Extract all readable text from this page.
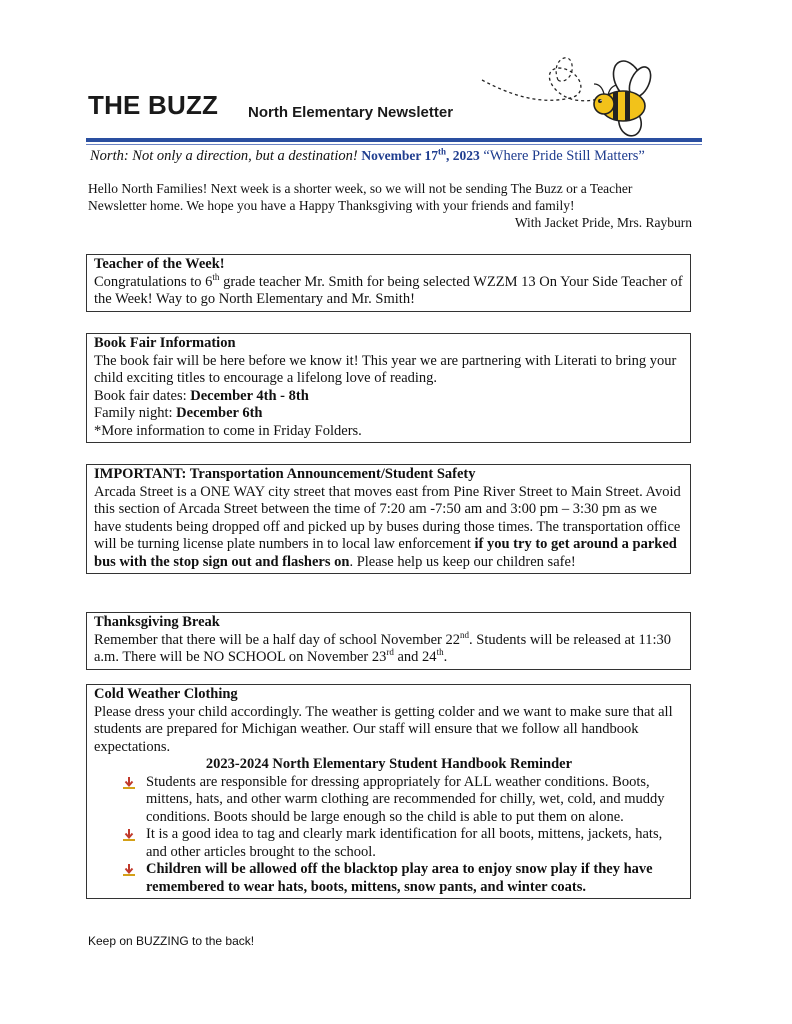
THE BUZZ North Elementary Newsletter
North: Not only a direction, but a destination! November 17th, 2023 “Where Pride Still Matters”
Hello North Families! Next week is a shorter week, so we will not be sending The Buzz or a Teacher Newsletter home. We hope you have a Happy Thanksgiving with your friends and family!
With Jacket Pride, Mrs. Rayburn
Teacher of the Week!

Congratulations to 6th grade teacher Mr. Smith for being selected WZZM 13 On Your Side Teacher of the Week! Way to go North Elementary and Mr. Smith!

Book Fair Information

The book fair will be here before we know it! This year we are partnering with Literati to bring your child exciting titles to encourage a lifelong love of reading.

Book fair dates: December 4th - 8th

Family night: December 6th

*More information to come in Friday Folders.

IMPORTANT: Transportation Announcement/Student Safety

Arcada Street is a ONE WAY city street that moves east from Pine River Street to Main Street. Avoid this section of Arcada Street between the time of 7:20 am -7:50 am and 3:00 pm – 3:30 pm as we have students being dropped off and picked up by buses during those times. The transportation office will be turning license plate numbers in to local law enforcement if you try to get around a parked bus with the stop sign out and flashers on. Please help us keep our children safe!

Thanksgiving Break

Remember that there will be a half day of school November 22nd. Students will be released at 11:30 a.m. There will be NO SCHOOL on November 23rd and 24th.

Cold Weather Clothing

Please dress your child accordingly. The weather is getting colder and we want to make sure that all students are prepared for Michigan weather. Our staff will ensure that we follow all handbook expectations.

2023-2024 North Elementary Student Handbook Reminder
Students are responsible for dressing appropriately for ALL weather conditions. Boots, mittens, hats, and other warm clothing are recommended for chilly, wet, cold, and muddy conditions. Boots should be large enough so the child is able to put them on alone.
It is a good idea to tag and clearly mark identification for all boots, mittens, jackets, hats, and other articles brought to the school.
Children will be allowed off the blacktop play area to enjoy snow play if they have remembered to wear hats, boots, mittens, snow pants, and winter coats.
Keep on BUZZING to the back!
